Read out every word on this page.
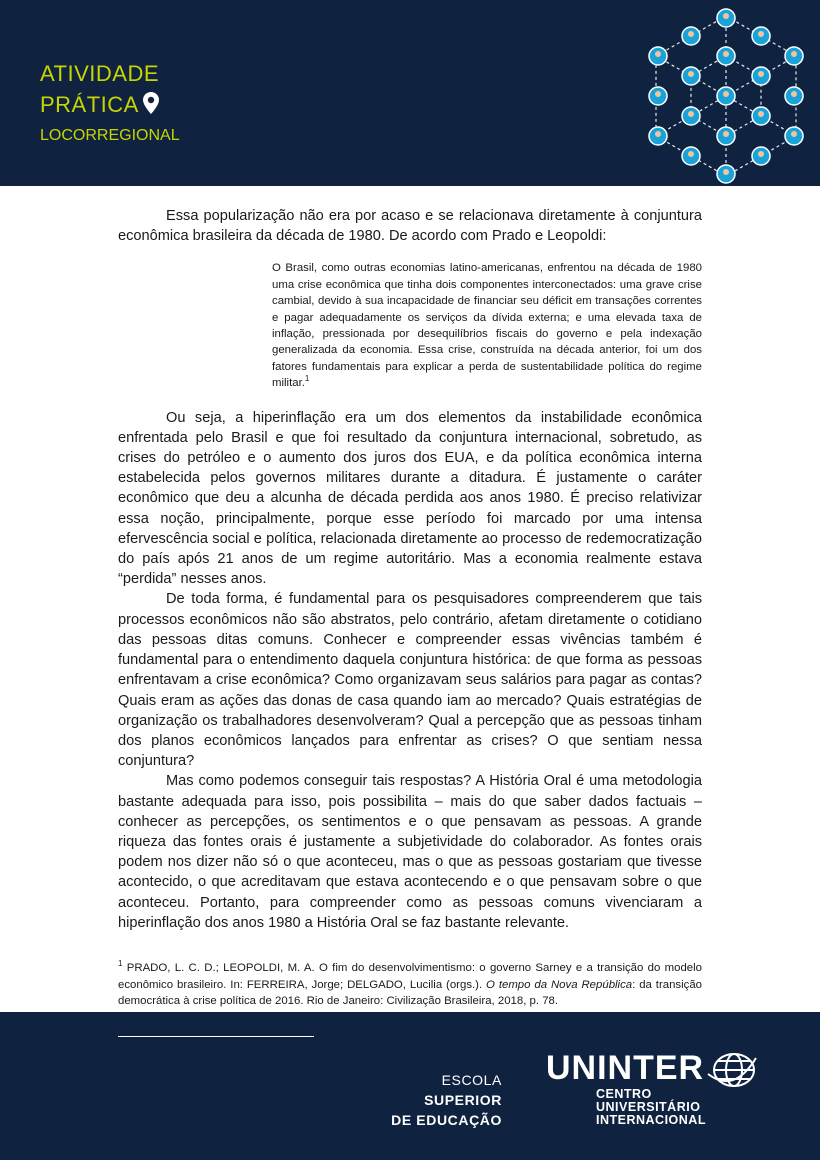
ATIVIDADE
PRÁTICA
LOCORREGIONAL

Essa popularização não era por acaso e se relacionava diretamente à conjuntura econômica brasileira da década de 1980. De acordo com Prado e Leopoldi:

O Brasil, como outras economias latino-americanas, enfrentou na década de 1980 uma crise econômica que tinha dois componentes interconectados: uma grave crise cambial, devido à sua incapacidade de financiar seu déficit em transações correntes e pagar adequadamente os serviços da dívida externa; e uma elevada taxa de inflação, pressionada por desequilíbrios fiscais do governo e pela indexação generalizada da economia. Essa crise, construída na década anterior, foi um dos fatores fundamentais para explicar a perda de sustentabilidade política do regime militar.$^1$

Ou seja, a hiperinflação era um dos elementos da instabilidade econômica enfrentada pelo Brasil e que foi resultado da conjuntura internacional, sobretudo, as crises do petróleo e o aumento dos juros dos EUA, e da política econômica interna estabelecida pelos governos militares durante a ditadura. É justamente o caráter econômico que deu a alcunha de década perdida aos anos 1980. É preciso relativizar essa noção, principalmente, porque esse período foi marcado por uma intensa efervescência social e política, relacionada diretamente ao processo de redemocratização do país após 21 anos de um regime autoritário. Mas a economia realmente estava “perdida” nesses anos.

De toda forma, é fundamental para os pesquisadores compreenderem que tais processos econômicos não são abstratos, pelo contrário, afetam diretamente o cotidiano das pessoas ditas comuns. Conhecer e compreender essas vivências também é fundamental para o entendimento daquela conjuntura histórica: de que forma as pessoas enfrentavam a crise econômica? Como organizavam seus salários para pagar as contas? Quais eram as ações das donas de casa quando iam ao mercado? Quais estratégias de organização os trabalhadores desenvolveram? Qual a percepção que as pessoas tinham dos planos econômicos lançados para enfrentar as crises? O que sentiam nessa conjuntura?

Mas como podemos conseguir tais respostas? A História Oral é uma metodologia bastante adequada para isso, pois possibilita – mais do que saber dados factuais – conhecer as percepções, os sentimentos e o que pensavam as pessoas. A grande riqueza das fontes orais é justamente a subjetividade do colaborador. As fontes orais podem nos dizer não só o que aconteceu, mas o que as pessoas gostariam que tivesse acontecido, o que acreditavam que estava acontecendo e o que pensavam sobre o que aconteceu. Portanto, para compreender como as pessoas comuns vivenciaram a hiperinflação dos anos 1980 a História Oral se faz bastante relevante.

$^1$ PRADO, L. C. D.; LEOPOLDI, M. A. O fim do desenvolvimentismo: o governo Sarney e a transição do modelo econômico brasileiro. In: FERREIRA, Jorge; DELGADO, Lucilia (orgs.). O tempo da Nova República: da transição democrática à crise política de 2016. Rio de Janeiro: Civilização Brasileira, 2018, p. 78.
ESCOLA SUPERIOR
DE EDUCAÇÃO
UNINTER
CENTRO
UNIVERSITÁRIO
INTERNACIONAL
